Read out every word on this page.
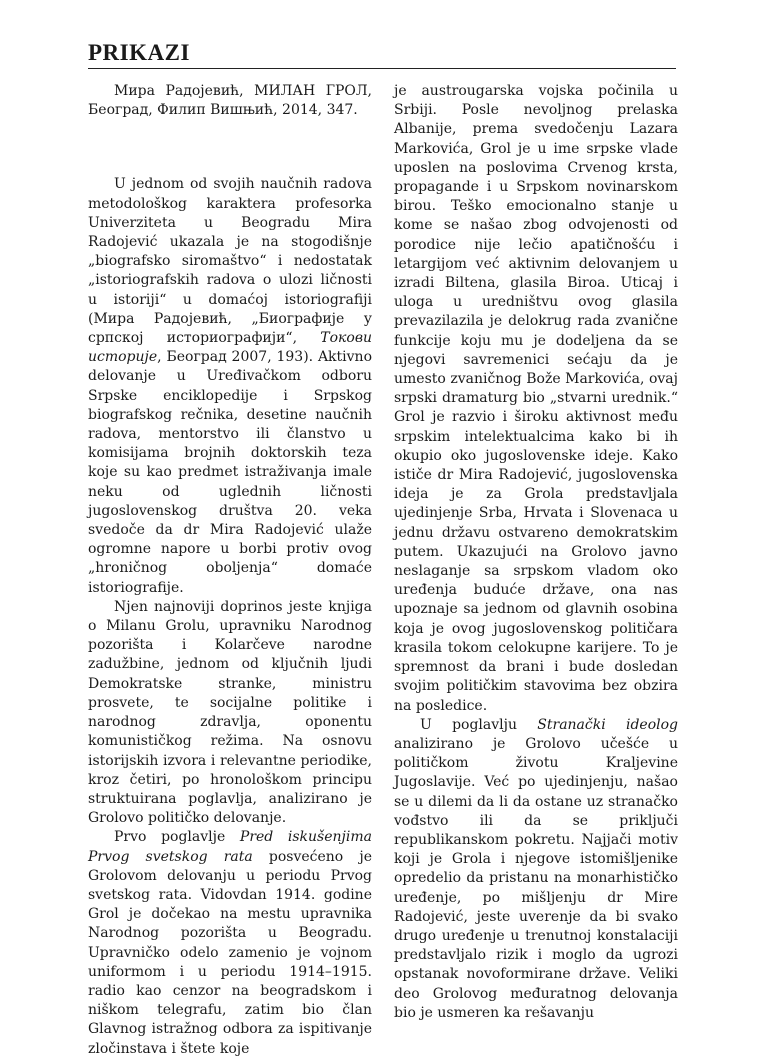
PRIKAZI

Мира Радојевић, МИЛАН ГРОЛ, Београд, Филип Вишњић, 2014, 347.

U jednom od svojih naučnih radova metodološkog karaktera profesorka Univerziteta u Beogradu Mira Radojević ukazala je na stogodišnje „biografsko siromaštvo“ i nedostatak „istoriografskih radova o ulozi ličnosti u istoriji“ u domaćoj istoriografiji (Мира Радојевић, „Биографије у српској историографији“, Токови историје, Београд 2007, 193). Aktivno delovanje u Uređivačkom odboru Srpske enciklopedije i Srpskog biografskog rečnika, desetine naučnih radova, mentorstvo ili članstvo u komisijama brojnih doktorskih teza koje su kao predmet istraživanja imale neku od uglednih ličnosti jugoslovenskog društva 20. veka svedoče da dr Mira Radojević ulaže ogromne napore u borbi protiv ovog „hroničnog oboljenja“ domaće istoriografije.

Njen najnoviji doprinos jeste knjiga o Milanu Grolu, upravniku Narodnog pozorišta i Kolarčeve narodne zadužbine, jednom od ključnih ljudi Demokratske stranke, ministru prosvete, te socijalne politike i narodnog zdravlja, oponentu komunističkog režima. Na osnovu istorijskih izvora i relevantne periodike, kroz četiri, po hronološkom principu struktuirana poglavlja, analizirano je Grolovo političko delovanje.

Prvo poglavlje Pred iskušenjima Prvog svetskog rata posvećeno je Grolovom delovanju u periodu Prvog svetskog rata. Vidovdan 1914. godine Grol je dočekao na mestu upravnika Narodnog pozorišta u Beogradu. Upravničko odelo zamenio je vojnom uniformom i u periodu 1914–1915. radio kao cenzor na beogradskom i niškom telegrafu, zatim bio član Glavnog istražnog odbora za ispitivanje zločinstava i štete koje

je austrougarska vojska počinila u Srbiji. Posle nevoljnog prelaska Albanije, prema svedočenju Lazara Markovića, Grol je u ime srpske vlade uposlen na poslovima Crvenog krsta, propagande i u Srpskom novinarskom birou. Teško emocionalno stanje u kome se našao zbog odvojenosti od porodice nije lečio apatičnošću i letargijom već aktivnim delovanjem u izradi Biltena, glasila Biroa. Uticaj i uloga u uredništvu ovog glasila prevazilazila je delokrug rada zvanične funkcije koju mu je dodeljena da se njegovi savremenici sećaju da je umesto zvaničnog Bože Markovića, ovaj srpski dramaturg bio „stvarni urednik.“ Grol je razvio i široku aktivnost među srpskim intelektualcima kako bi ih okupio oko jugoslovenske ideje. Kako ističe dr Mira Radojević, jugoslovenska ideja je za Grola predstavljala ujedinjenje Srba, Hrvata i Slovenaca u jednu državu ostvareno demokratskim putem. Ukazujući na Grolovo javno neslaganje sa srpskom vladom oko uređenja buduće države, ona nas upoznaje sa jednom od glavnih osobina koja je ovog jugoslovenskog političara krasila tokom celokupne karijere. To je spremnost da brani i bude dosledan svojim političkim stavovima bez obzira na posledice.

U poglavlju Stranački ideolog analizirano je Grolovo učešće u političkom životu Kraljevine Jugoslavije. Već po ujedinjenju, našao se u dilemi da li da ostane uz stranačko vođstvo ili da se priključi republikanskom pokretu. Najjači motiv koji je Grola i njegove istomišljenike opredelio da pristanu na monarhističko uređenje, po mišljenju dr Mire Radojević, jeste uverenje da bi svako drugo uređenje u trenutnoj konstalaciji predstavljalo rizik i moglo da ugrozi opstanak novoformirane države. Veliki deo Grolovog međuratnog delovanja bio je usmeren ka rešavanju
